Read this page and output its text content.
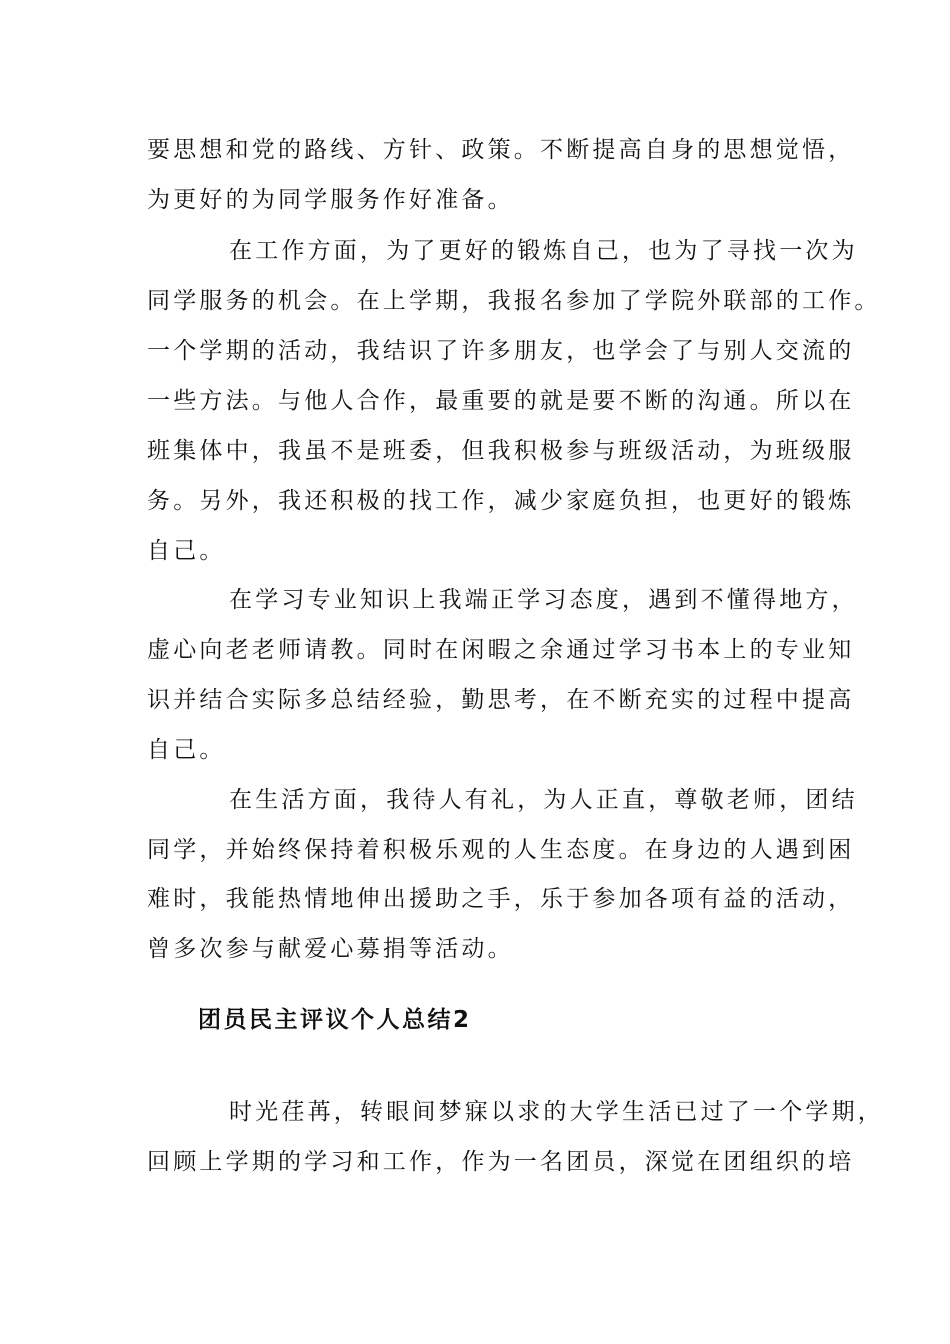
要思想和党的路线、方针、政策。不断提高自身的思想觉悟，
为更好的为同学服务作好准备。
在工作方面，为了更好的锻炼自己，也为了寻找一次为
同学服务的机会。在上学期，我报名参加了学院外联部的工作。
一个学期的活动，我结识了许多朋友，也学会了与别人交流的
一些方法。与他人合作，最重要的就是要不断的沟通。所以在
班集体中，我虽不是班委，但我积极参与班级活动，为班级服
务。另外，我还积极的找工作，减少家庭负担，也更好的锻炼
自己。
在学习专业知识上我端正学习态度，遇到不懂得地方，
虚心向老老师请教。同时在闲暇之余通过学习书本上的专业知
识并结合实际多总结经验，勤思考，在不断充实的过程中提高
自己。
在生活方面，我待人有礼，为人正直，尊敬老师，团结
同学，并始终保持着积极乐观的人生态度。在身边的人遇到困
难时，我能热情地伸出援助之手，乐于参加各项有益的活动，
曾多次参与献爱心募捐等活动。
团员民主评议个人总结2
时光荏苒，转眼间梦寐以求的大学生活已过了一个学期，
回顾上学期的学习和工作，作为一名团员，深觉在团组织的培
